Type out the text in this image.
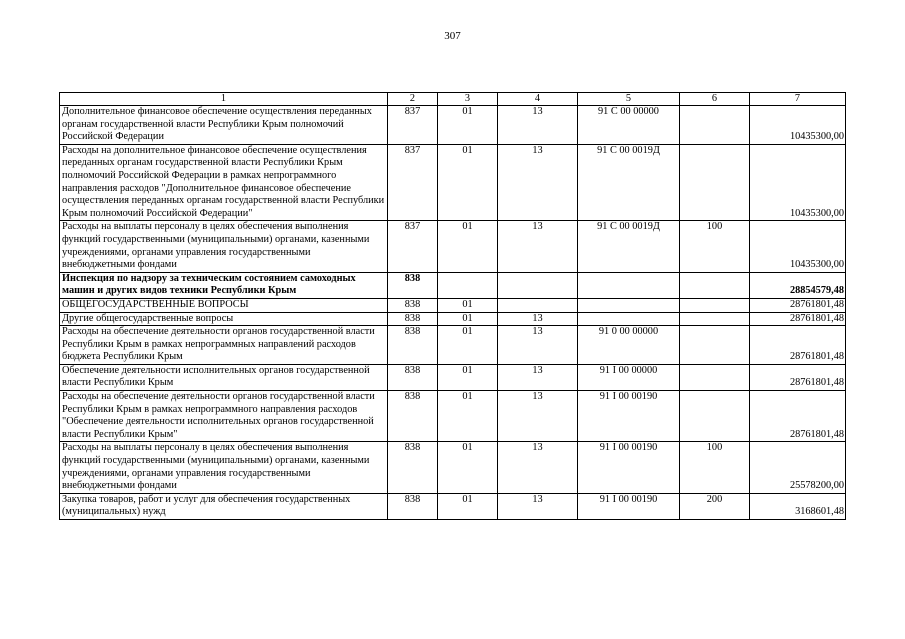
307
1	2	3	4	5	6	7
Дополнительное финансовое обеспечение осуществления переданных органам государственной власти Республики Крым полномочий Российской Федерации	837	01	13	91 С 00 00000		10435300,00
Расходы на дополнительное финансовое обеспечение осуществления переданных органам государственной власти Республики Крым полномочий Российской Федерации в рамках непрограммного направления расходов "Дополнительное финансовое обеспечение осуществления переданных органам государственной власти Республики Крым полномочий Российской Федерации"	837	01	13	91 С 00 0019Д		10435300,00
Расходы на выплаты персоналу в целях обеспечения выполнения функций государственными (муниципальными) органами, казенными учреждениями, органами управления государственными внебюджетными фондами	837	01	13	91 С 00 0019Д	100	10435300,00
Инспекция по надзору за техническим состоянием самоходных машин и других видов техники Республики Крым	838					28854579,48
ОБЩЕГОСУДАРСТВЕННЫЕ ВОПРОСЫ	838	01				28761801,48
Другие общегосударственные вопросы	838	01	13			28761801,48
Расходы на обеспечение деятельности органов государственной власти Республики Крым в рамках непрограммных направлений расходов бюджета Республики Крым	838	01	13	91 0 00 00000		28761801,48
Обеспечение деятельности исполнительных органов государственной власти Республики Крым	838	01	13	91 I 00 00000		28761801,48
Расходы на обеспечение деятельности органов государственной власти Республики Крым в рамках непрограммного направления расходов "Обеспечение деятельности исполнительных органов государственной власти Республики Крым"	838	01	13	91 I 00 00190		28761801,48
Расходы на выплаты персоналу в целях обеспечения выполнения функций государственными (муниципальными) органами, казенными учреждениями, органами управления государственными внебюджетными фондами	838	01	13	91 I 00 00190	100	25578200,00
Закупка товаров, работ и услуг для обеспечения государственных (муниципальных) нужд	838	01	13	91 I 00 00190	200	3168601,48
